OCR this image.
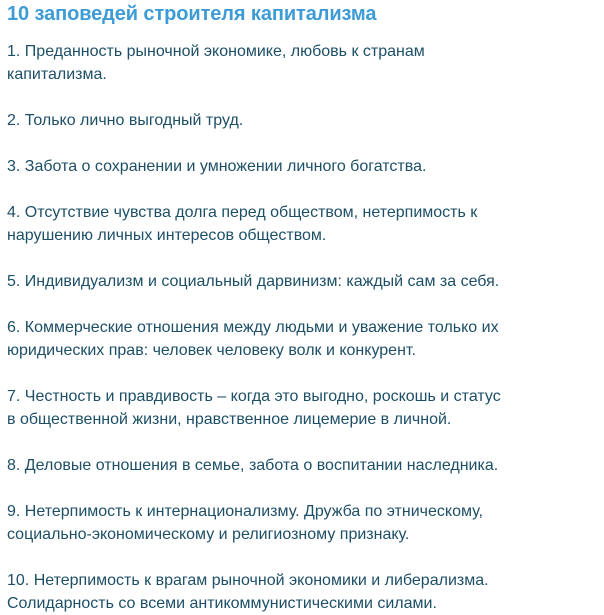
10 заповедей строителя капитализма
1. Преданность рыночной экономике, любовь к странам
капитализма.
2. Только лично выгодный труд.
3. Забота о сохранении и умножении личного богатства.
4. Отсутствие чувства долга перед обществом, нетерпимость к
нарушению личных интересов обществом.
5. Индивидуализм и социальный дарвинизм: каждый сам за себя.
6. Коммерческие отношения между людьми и уважение только их
юридических прав: человек человеку волк и конкурент.
7. Честность и правдивость – когда это выгодно, роскошь и статус
в общественной жизни, нравственное лицемерие в личной.
8. Деловые отношения в семье, забота о воспитании наследника.
9. Нетерпимость к интернационализму. Дружба по этническому,
социально-экономическому и религиозному признаку.
10. Нетерпимость к врагам рыночной экономики и либерализма.
Солидарность со всеми антикоммунистическими силами.
